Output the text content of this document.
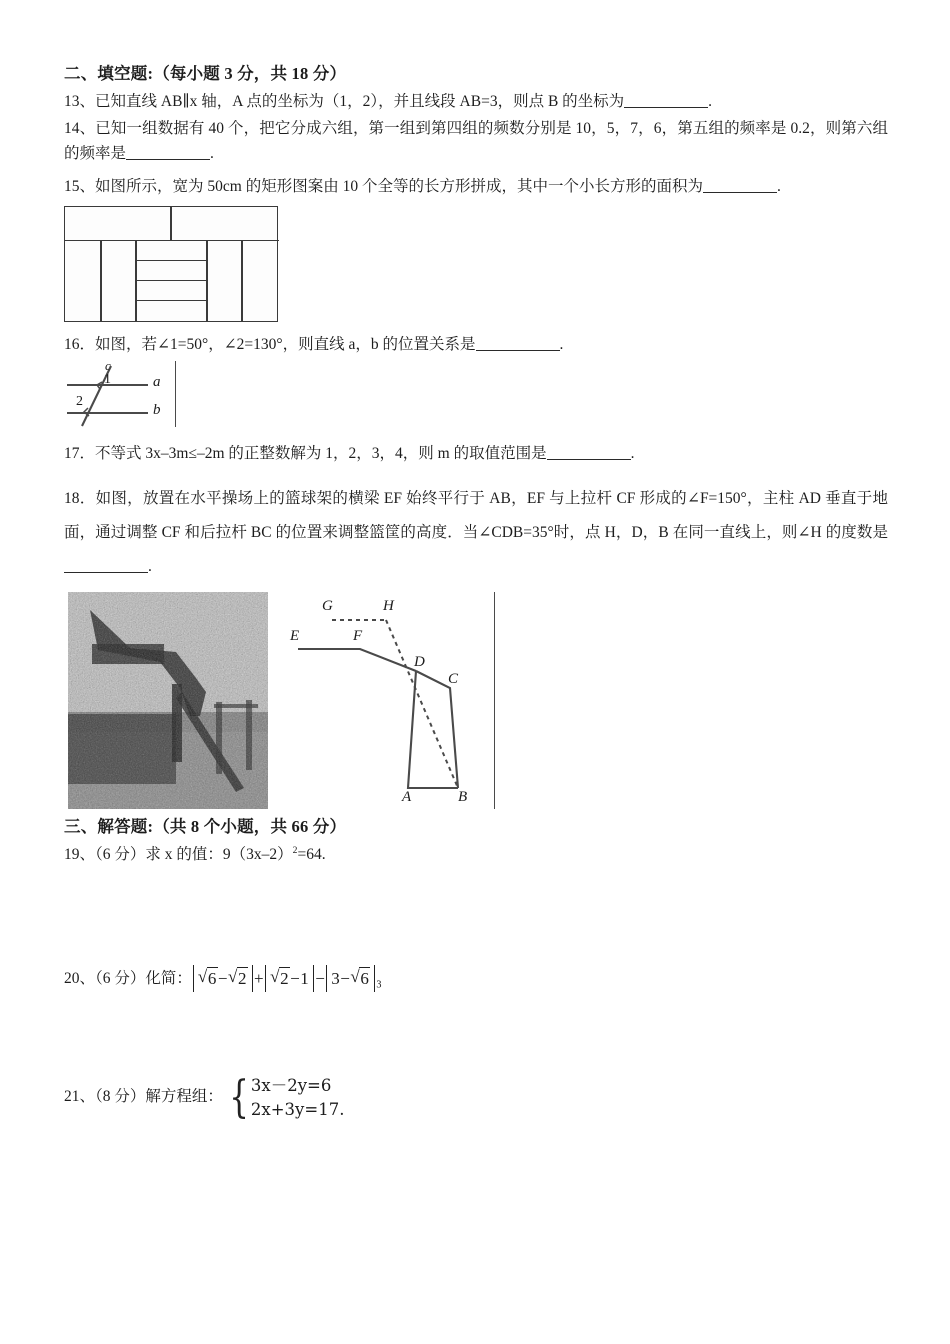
二、填空题:（每小题 3 分，共 18 分）

13、已知直线 AB∥x 轴，A 点的坐标为（1，2），并且线段 AB=3，则点 B 的坐标为	.

14、已知一组数据有 40 个，把它分成六组，第一组到第四组的频数分别是 10，5，7，6，第五组的频率是 0.2，则第六组的频率是	.

15、如图所示，宽为 50cm 的矩形图案由 10 个全等的长方形拼成，其中一个小长方形的面积为	.

16．如图，若∠1=50°，∠2=130°，则直线 a，b 的位置关系是	.

c
1
2
a
b

17．不等式 3x–3m≤–2m 的正整数解为 1，2，3，4，则 m 的取值范围是	.

18．如图，放置在水平操场上的篮球架的横梁 EF 始终平行于 AB，EF 与上拉杆 CF 形成的∠F=150°，主柱 AD 垂直于地面，通过调整 CF 和后拉杆 BC 的位置来调整篮筐的高度．当∠CDB=35°时，点 H，D，B 在同一直线上，则∠H 的度数是.

G	H
E	F
D
C
A	B
三、解答题:（共 8 个小题，共 66 分）

19、（6 分）求 x 的值：$9(3x-2)^2=64$.

20、（6 分）化简： √ 6− √ 2 + √ 2−1 − 3− √ 6 $_3$

21、（8 分）解方程组： { 3x－2y=6
2x+3y=17.
